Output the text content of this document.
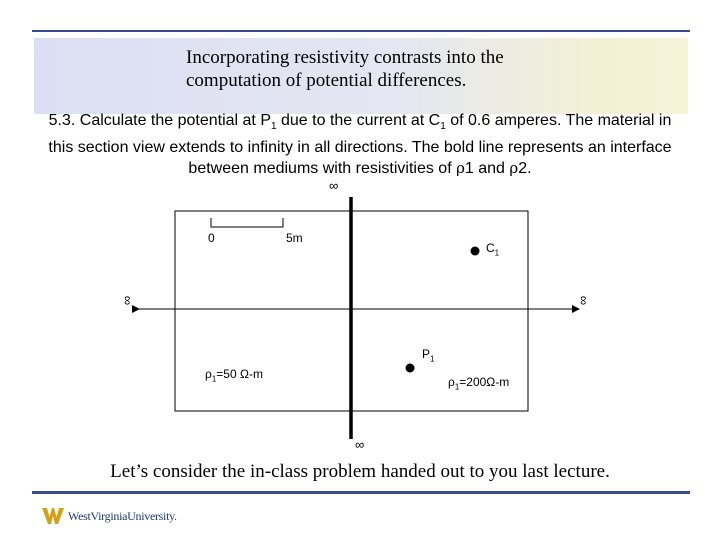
Incorporating resistivity contrasts into the
computation of potential differences.
5.3. Calculate the potential at $P_1$ due to the current at $C_1$ of 0.6 amperes. The material in this section view extends to infinity in all directions. The bold line represents an interface between mediums with resistivities of ρ1 and ρ2.
∞
∞
∞	∞
0	5m
$C_1$
$P_1$
$\rho_1=50$ Ω-m
$\rho_1=200\Omega-m$
Let’s consider the in-class problem handed out to you last lecture.
WestVirginiaUniversity.
